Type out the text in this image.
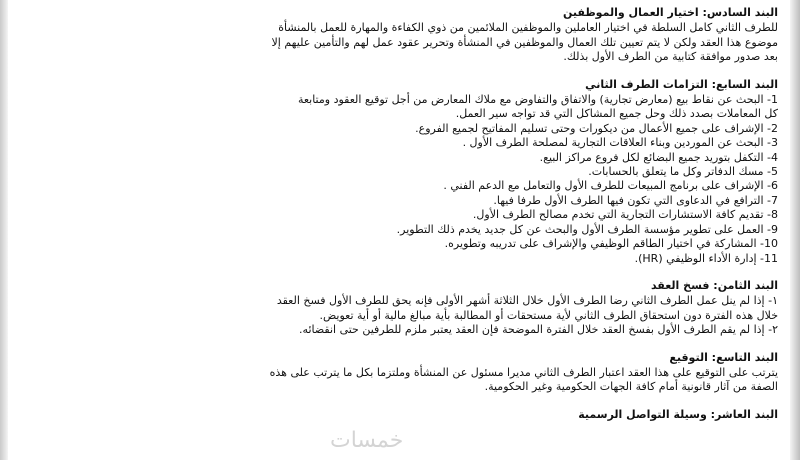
البند السادس: اختيار العمال والموظفين
للطرف الثاني كامل السلطة في اختيار العاملين والموظفين الملائمين من ذوي الكفاءة والمهارة للعمل بالمنشأة
موضوع هذا العقد ولكن لا يتم تعيين تلك العمال والموظفين في المنشأة وتحرير عقود عمل لهم والتأمين عليهم إلا
بعد صدور موافقة كتابية من الطرف الأول بذلك.
البند السابع: التزامات الطرف الثاني
1- البحث عن نقاط بيع (معارض تجارية) والاتفاق والتفاوض مع ملاك المعارض من أجل توقيع العقود ومتابعة
كل المعاملات بصدد ذلك وحل جميع المشاكل التي قد تواجه سير العمل.
2- الإشراف على جميع الأعمال من ديكورات وحتى تسليم المفاتيح لجميع الفروع.
3- البحث عن الموردين وبناء العلاقات التجارية لمصلحة الطرف الأول .
4- التكفل بتوريد جميع البضائع لكل فروع مراكز البيع.
5- مسك الدفاتر وكل ما يتعلق بالحسابات.
6- الإشراف على برنامج المبيعات للطرف الأول والتعامل مع الدعم الفني .
7- الترافع في الدعاوى التي تكون فيها الطرف الأول طرفا فيها.
8- تقديم كافة الاستشارات التجارية التي تخدم مصالح الطرف الأول.
9- العمل على تطوير مؤسسة الطرف الأول والبحث عن كل جديد يخدم ذلك التطوير.
10- المشاركة في اختيار الطاقم الوظيفي والإشراف على تدريبه وتطويره.
11- إدارة الأداء الوظيفي (HR).
البند الثامن: فسخ العقد
١- إذا لم ينل عمل الطرف الثاني رضا الطرف الأول خلال الثلاثة أشهر الأولى فإنه يحق للطرف الأول فسخ العقد
خلال هذه الفترة دون استحقاق الطرف الثاني لأية مستحقات أو المطالبة بأية مبالغ مالية أو أية تعويض.
٢- إذا لم يقم الطرف الأول بفسخ العقد خلال الفترة الموضحة فإن العقد يعتبر ملزم للطرفين حتى انقضائه.
البند التاسع: التوقيع
يترتب على التوقيع على هذا العقد اعتبار الطرف الثاني مديرا مسئول عن المنشأة وملتزما بكل ما يترتب على هذه
الصفة من آثار قانونية أمام كافة الجهات الحكومية وغير الحكومية.
البند العاشر: وسيلة التواصل الرسمية
خمسات
